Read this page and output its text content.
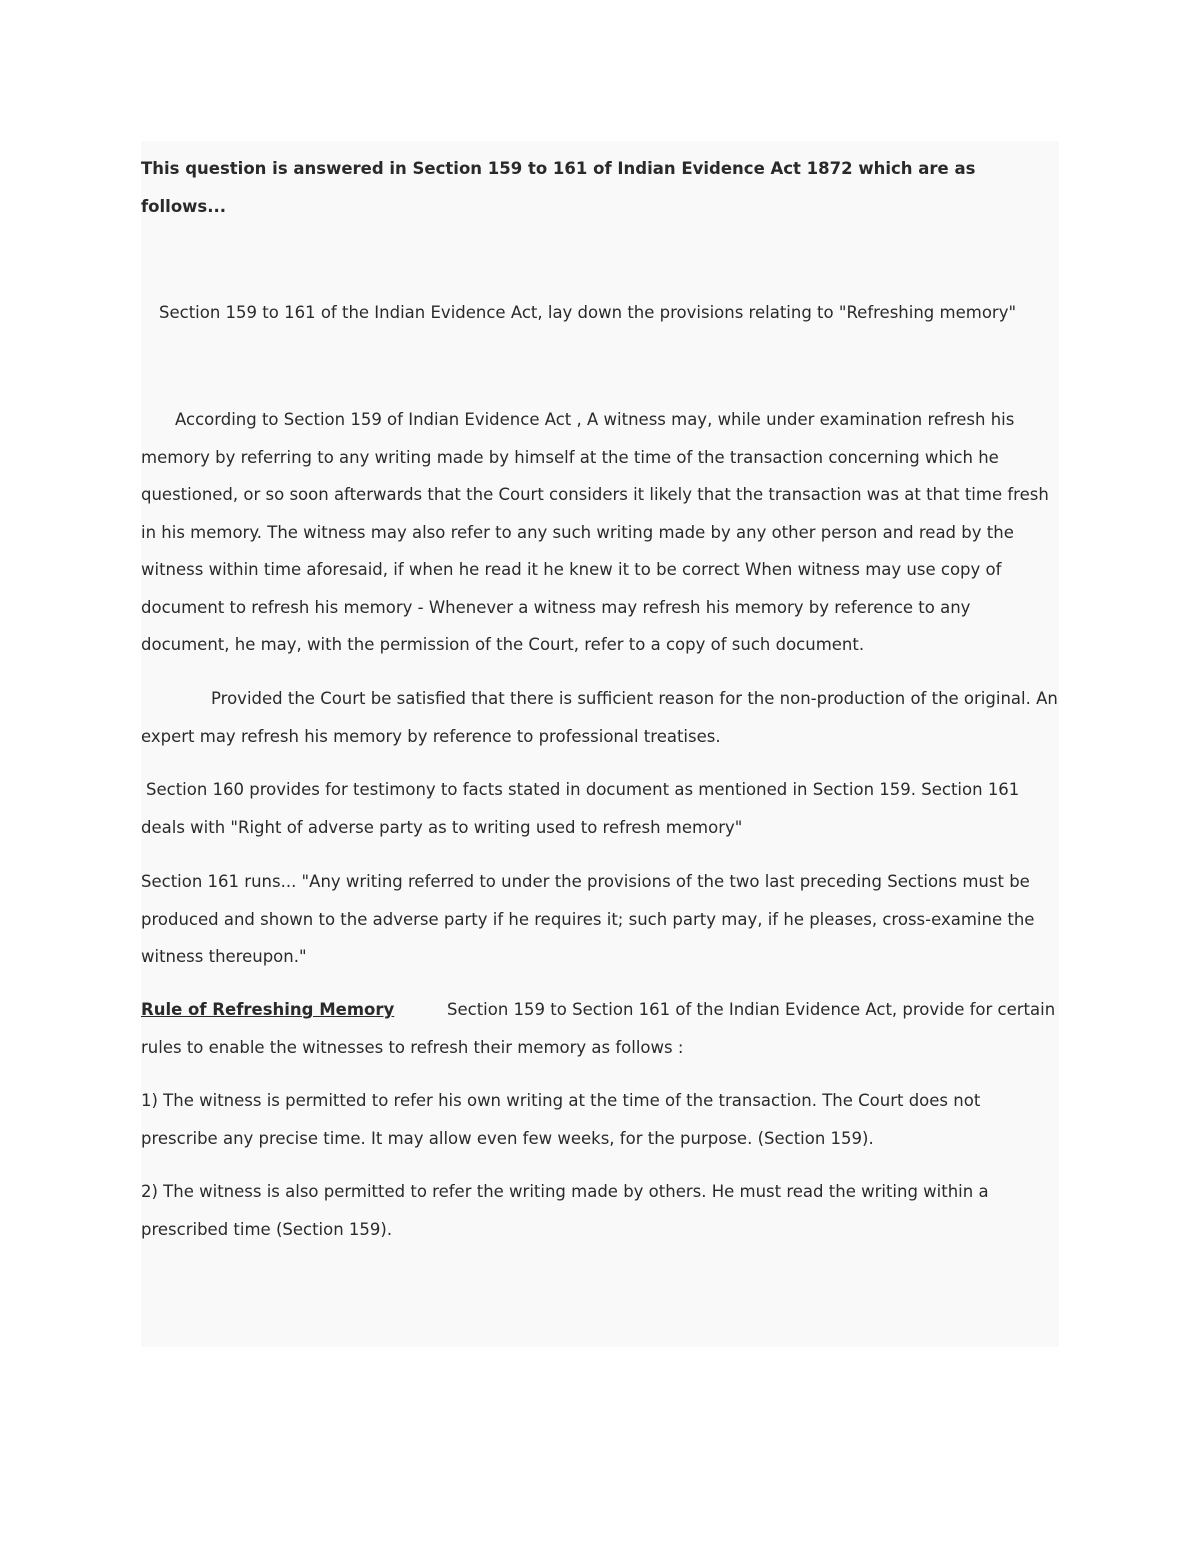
This question is answered in Section 159 to 161 of Indian Evidence Act 1872 which are as follows...

Section 159 to 161 of the Indian Evidence Act, lay down the provisions relating to "Refreshing memory"

According to Section 159 of Indian Evidence Act , A witness may, while under examination refresh his memory by referring to any writing made by himself at the time of the transaction concerning which he questioned, or so soon afterwards that the Court considers it likely that the transaction was at that time fresh in his memory. The witness may also refer to any such writing made by any other person and read by the witness within time aforesaid, if when he read it he knew it to be correct When witness may use copy of document to refresh his memory - Whenever a witness may refresh his memory by reference to any document, he may, with the permission of the Court, refer to a copy of such document.

Provided the Court be satisfied that there is sufficient reason for the non-production of the original. An expert may refresh his memory by reference to professional treatises.

Section 160 provides for testimony to facts stated in document as mentioned in Section 159. Section 161 deals with "Right of adverse party as to writing used to refresh memory"

Section 161 runs... "Any writing referred to under the provisions of the two last preceding Sections must be produced and shown to the adverse party if he requires it; such party may, if he pleases, cross-examine the witness thereupon."

Rule of Refreshing Memory	Section 159 to Section 161 of the Indian Evidence Act, provide for certain rules to enable the witnesses to refresh their memory as follows :

1) The witness is permitted to refer his own writing at the time of the transaction. The Court does not prescribe any precise time. It may allow even few weeks, for the purpose. (Section 159).

2) The witness is also permitted to refer the writing made by others. He must read the writing within a prescribed time (Section 159).
